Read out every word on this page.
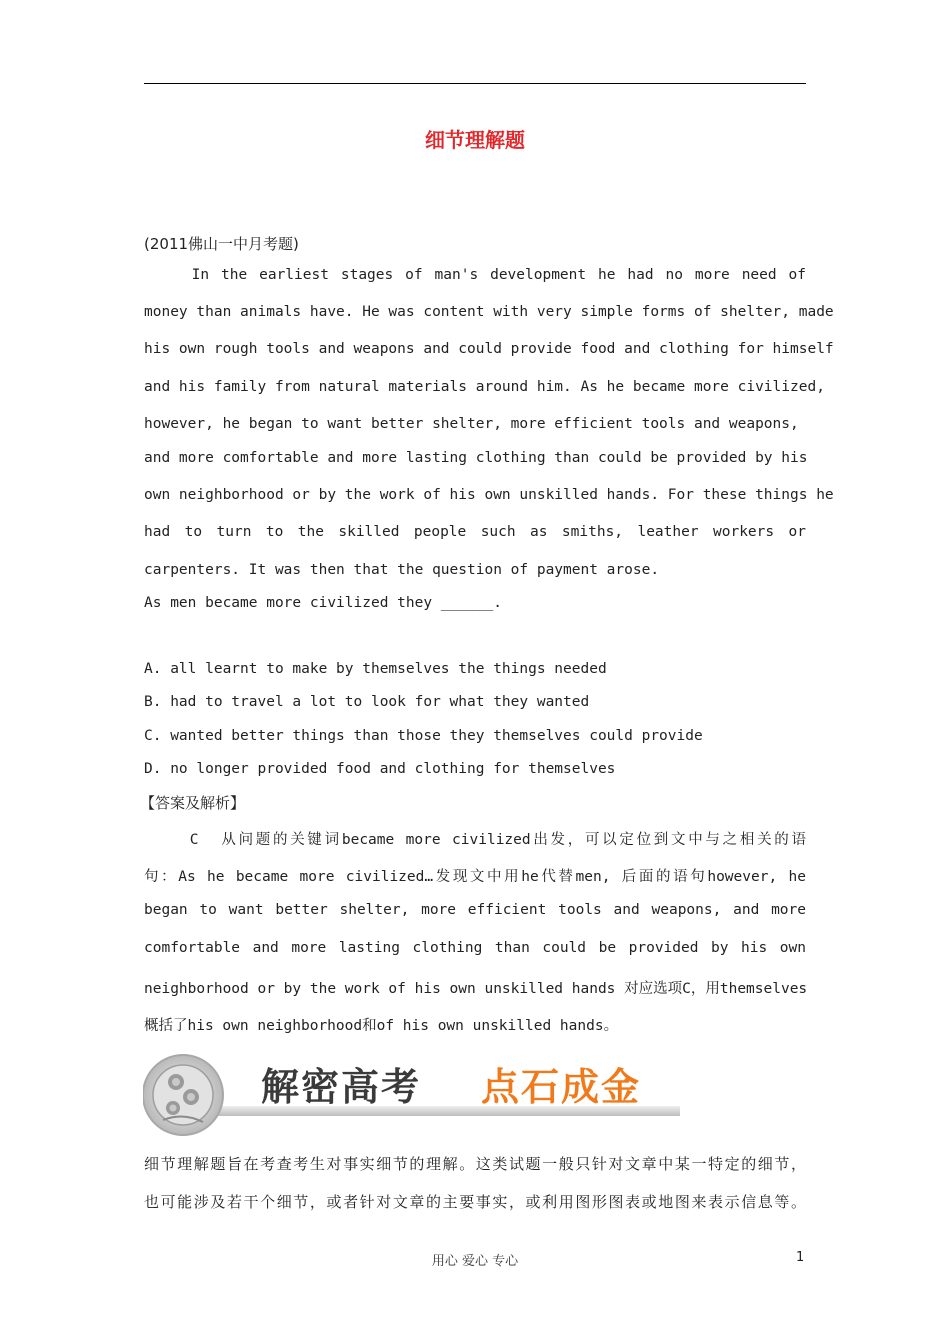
细节理解题
(2011佛山一中月考题)
In the earliest stages of man's development he had no more need of
money than animals have. He was content with very simple forms of shelter, made
his own rough tools and weapons and could provide food and clothing for himself
and his family from natural materials around him. As he became more civilized,
however, he began to want better shelter, more efficient tools and weapons,
and more comfortable and more lasting clothing than could be provided by his
own neighborhood or by the work of his own unskilled hands. For these things he
had to turn to the skilled people such as smiths, leather workers or
carpenters. It was then that the question of payment arose.
As men became more civilized they ______.
A. all learnt to make by themselves the things needed
B. had to travel a lot to look for what they wanted
C. wanted better things than those they themselves could provide
D. no longer provided food and clothing for themselves
【答案及解析】
C  从问题的关键词became more civilized出发，可以定位到文中与之相关的语
句：As he became more civilized…发现文中用he代替men, 后面的语句however, he
began to want better shelter, more efficient tools and weapons, and more
comfortable and more lasting clothing than could be provided by his own
neighborhood or by the work of his own unskilled hands 对应选项C，用themselves
概括了his own neighborhood和of his own unskilled hands。
解密高考 点石成金
细节理解题旨在考查考生对事实细节的理解。这类试题一般只针对文章中某一特定的细节，
也可能涉及若干个细节，或者针对文章的主要事实，或利用图形图表或地图来表示信息等。
用心 爱心 专心	1
